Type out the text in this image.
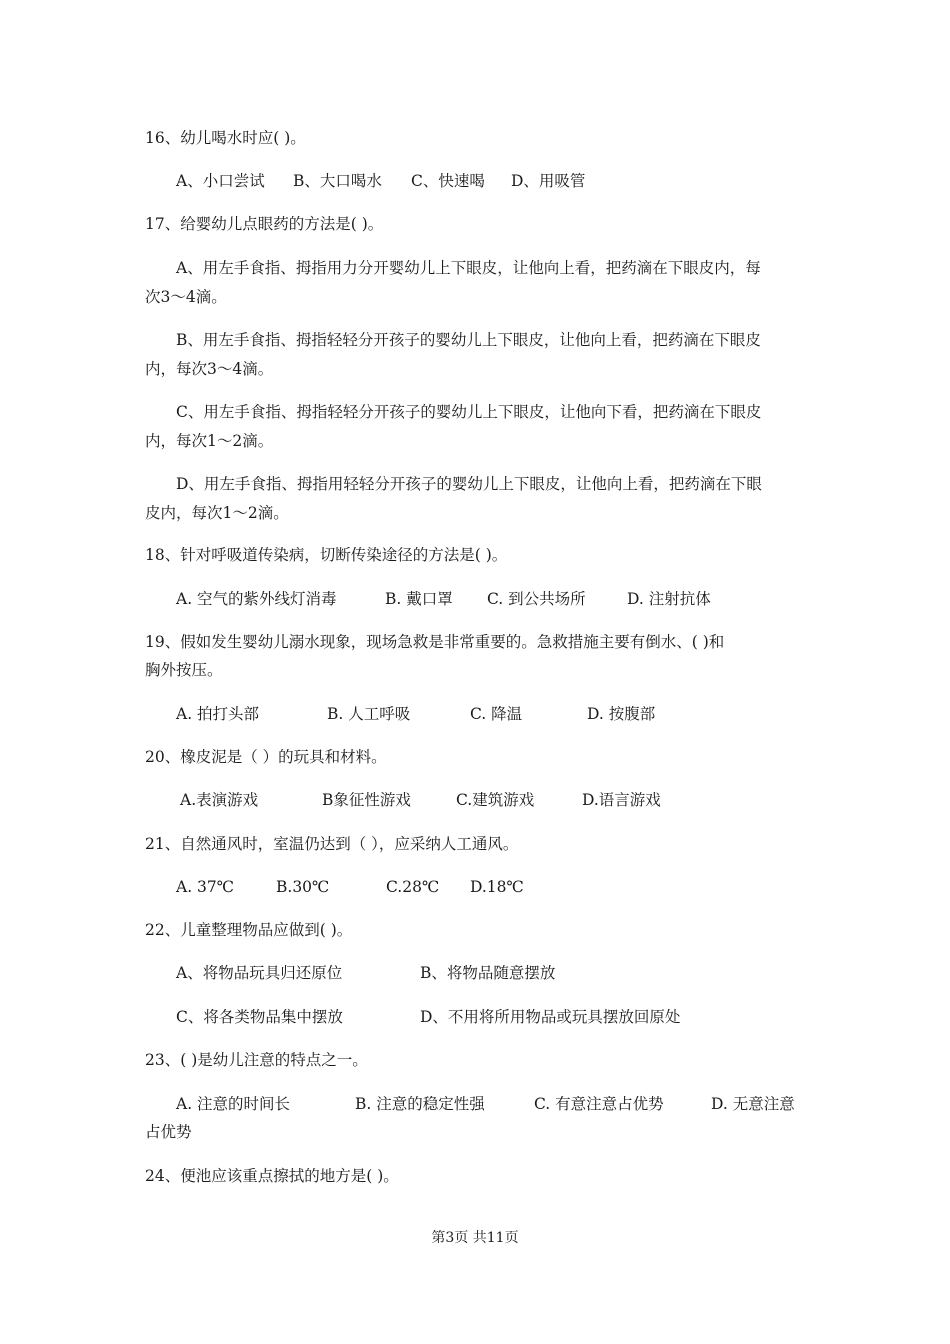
16、幼儿喝水时应( )。
A、小口尝试 B、大口喝水 C、快速喝 D、用吸管
17、给婴幼儿点眼药的方法是( )。
A、用左手食指、拇指用力分开婴幼儿上下眼皮，让他向上看，把药滴在下眼皮内，每
次3～4滴。
B、用左手食指、拇指轻轻分开孩子的婴幼儿上下眼皮，让他向上看，把药滴在下眼皮
内，每次3～4滴。
C、用左手食指、拇指轻轻分开孩子的婴幼儿上下眼皮，让他向下看，把药滴在下眼皮
内，每次1～2滴。
D、用左手食指、拇指用轻轻分开孩子的婴幼儿上下眼皮，让他向上看，把药滴在下眼
皮内，每次1～2滴。
18、针对呼吸道传染病，切断传染途径的方法是( )。
A. 空气的紫外线灯消毒	B. 戴口罩 C. 到公共场所	D. 注射抗体
19、假如发生婴幼儿溺水现象，现场急救是非常重要的。急救措施主要有倒水、( )和
胸外按压。
A. 拍打头部	B. 人工呼吸	C. 降温	D. 按腹部
20、橡皮泥是（ ）的玩具和材料。
A.表演游戏	B象征性游戏	C.建筑游戏	D.语言游戏
21、自然通风时，室温仍达到（ ），应采纳人工通风。
A. 37℃	B.30℃	C.28℃ D.18℃
22、儿童整理物品应做到( )。
A、将物品玩具归还原位	B、将物品随意摆放
C、将各类物品集中摆放	D、不用将所用物品或玩具摆放回原处
23、( )是幼儿注意的特点之一。
A. 注意的时间长	B. 注意的稳定性强	C. 有意注意占优势	D. 无意注意
占优势
24、便池应该重点擦拭的地方是( )。
第3页 共11页
